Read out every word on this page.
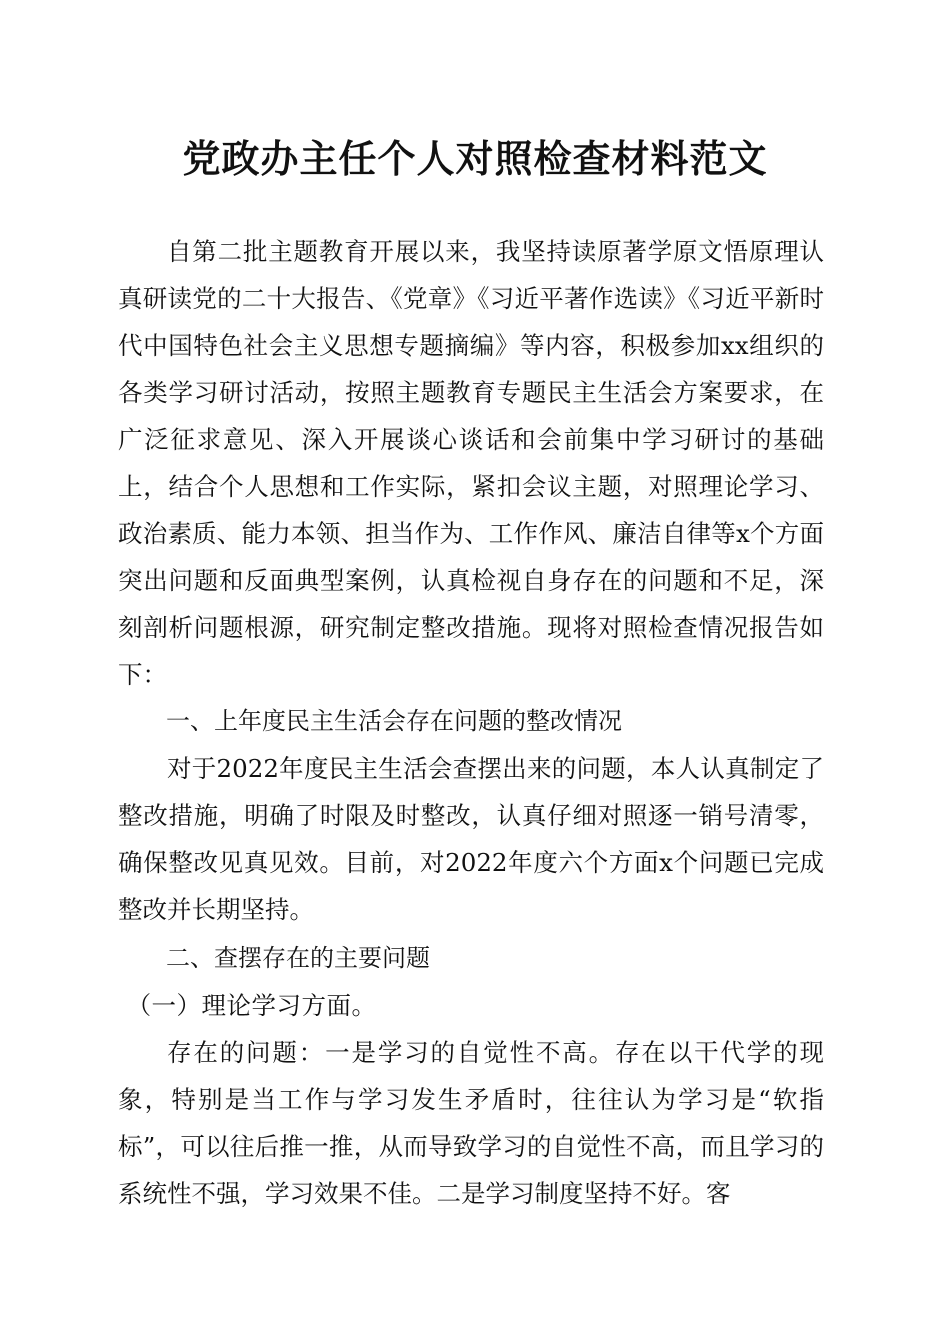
党政办主任个人对照检查材料范文

自第二批主题教育开展以来，我坚持读原著学原文悟原理认真研读党的二十大报告、《党章》《习近平著作选读》《习近平新时代中国特色社会主义思想专题摘编》等内容，积极参加xx组织的各类学习研讨活动，按照主题教育专题民主生活会方案要求，在广泛征求意见、深入开展谈心谈话和会前集中学习研讨的基础上，结合个人思想和工作实际，紧扣会议主题，对照理论学习、政治素质、能力本领、担当作为、工作作风、廉洁自律等x个方面突出问题和反面典型案例，认真检视自身存在的问题和不足，深刻剖析问题根源，研究制定整改措施。现将对照检查情况报告如下：

一、上年度民主生活会存在问题的整改情况

对于2022年度民主生活会查摆出来的问题，本人认真制定了整改措施，明确了时限及时整改，认真仔细对照逐一销号清零，确保整改见真见效。目前，对2022年度六个方面x个问题已完成整改并长期坚持。

二、查摆存在的主要问题

（一）理论学习方面。

存在的问题：一是学习的自觉性不高。存在以干代学的现象，特别是当工作与学习发生矛盾时，往往认为学习是“软指标”，可以往后推一推，从而导致学习的自觉性不高，而且学习的系统性不强，学习效果不佳。二是学习制度坚持不好。客
